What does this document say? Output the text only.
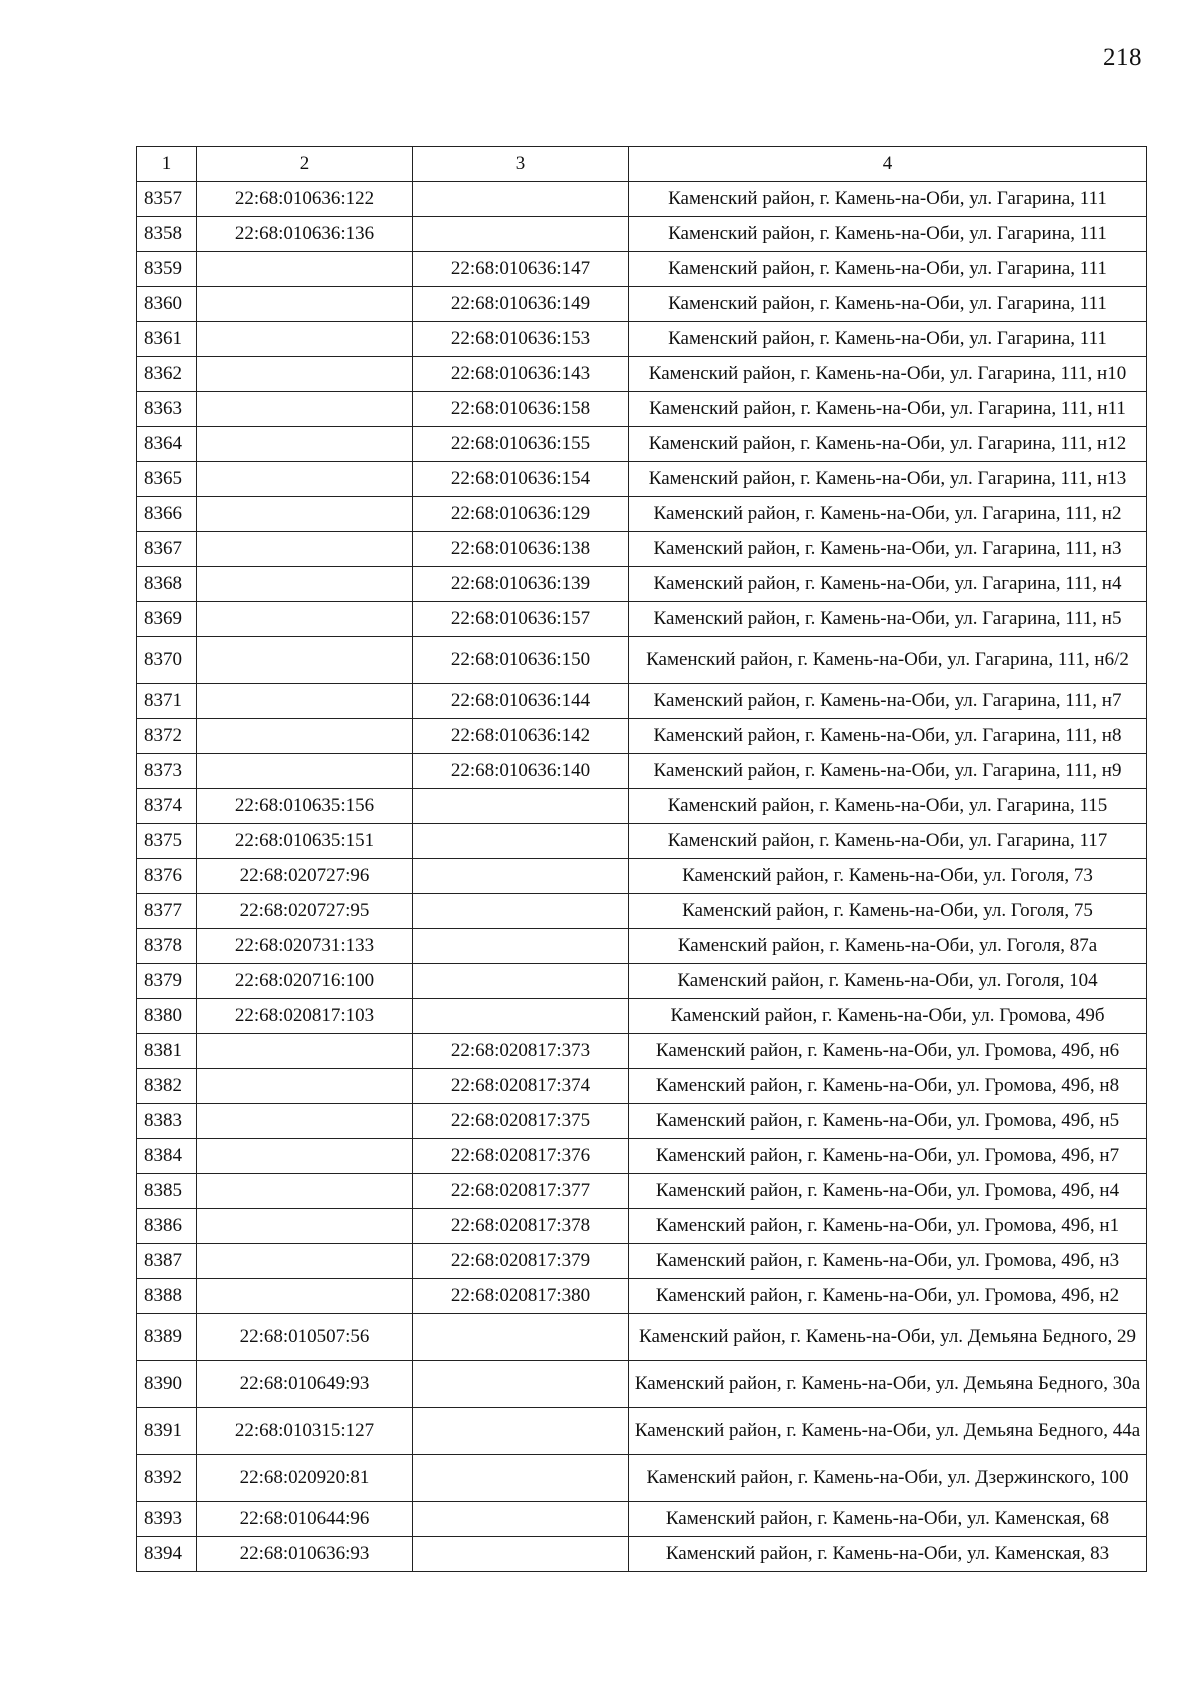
218
1	2	3	4
8357	22:68:010636:122		Каменский район, г. Камень-на-Оби, ул. Гагарина, 111
8358	22:68:010636:136		Каменский район, г. Камень-на-Оби, ул. Гагарина, 111
8359		22:68:010636:147	Каменский район, г. Камень-на-Оби, ул. Гагарина, 111
8360		22:68:010636:149	Каменский район, г. Камень-на-Оби, ул. Гагарина, 111
8361		22:68:010636:153	Каменский район, г. Камень-на-Оби, ул. Гагарина, 111
8362		22:68:010636:143	Каменский район, г. Камень-на-Оби, ул. Гагарина, 111, н10
8363		22:68:010636:158	Каменский район, г. Камень-на-Оби, ул. Гагарина, 111, н11
8364		22:68:010636:155	Каменский район, г. Камень-на-Оби, ул. Гагарина, 111, н12
8365		22:68:010636:154	Каменский район, г. Камень-на-Оби, ул. Гагарина, 111, н13
8366		22:68:010636:129	Каменский район, г. Камень-на-Оби, ул. Гагарина, 111, н2
8367		22:68:010636:138	Каменский район, г. Камень-на-Оби, ул. Гагарина, 111, н3
8368		22:68:010636:139	Каменский район, г. Камень-на-Оби, ул. Гагарина, 111, н4
8369		22:68:010636:157	Каменский район, г. Камень-на-Оби, ул. Гагарина, 111, н5
8370		22:68:010636:150	Каменский район, г. Камень-на-Оби, ул. Гагарина, 111, н6/2
8371		22:68:010636:144	Каменский район, г. Камень-на-Оби, ул. Гагарина, 111, н7
8372		22:68:010636:142	Каменский район, г. Камень-на-Оби, ул. Гагарина, 111, н8
8373		22:68:010636:140	Каменский район, г. Камень-на-Оби, ул. Гагарина, 111, н9
8374	22:68:010635:156		Каменский район, г. Камень-на-Оби, ул. Гагарина, 115
8375	22:68:010635:151		Каменский район, г. Камень-на-Оби, ул. Гагарина, 117
8376	22:68:020727:96		Каменский район, г. Камень-на-Оби, ул. Гоголя, 73
8377	22:68:020727:95		Каменский район, г. Камень-на-Оби, ул. Гоголя, 75
8378	22:68:020731:133		Каменский район, г. Камень-на-Оби, ул. Гоголя, 87а
8379	22:68:020716:100		Каменский район, г. Камень-на-Оби, ул. Гоголя, 104
8380	22:68:020817:103		Каменский район, г. Камень-на-Оби, ул. Громова, 49б
8381		22:68:020817:373	Каменский район, г. Камень-на-Оби, ул. Громова, 49б, н6
8382		22:68:020817:374	Каменский район, г. Камень-на-Оби, ул. Громова, 49б, н8
8383		22:68:020817:375	Каменский район, г. Камень-на-Оби, ул. Громова, 49б, н5
8384		22:68:020817:376	Каменский район, г. Камень-на-Оби, ул. Громова, 49б, н7
8385		22:68:020817:377	Каменский район, г. Камень-на-Оби, ул. Громова, 49б, н4
8386		22:68:020817:378	Каменский район, г. Камень-на-Оби, ул. Громова, 49б, н1
8387		22:68:020817:379	Каменский район, г. Камень-на-Оби, ул. Громова, 49б, н3
8388		22:68:020817:380	Каменский район, г. Камень-на-Оби, ул. Громова, 49б, н2
8389	22:68:010507:56		Каменский район, г. Камень-на-Оби, ул. Демьяна Бедного, 29
8390	22:68:010649:93		Каменский район, г. Камень-на-Оби, ул. Демьяна Бедного, 30а
8391	22:68:010315:127		Каменский район, г. Камень-на-Оби, ул. Демьяна Бедного, 44а
8392	22:68:020920:81		Каменский район, г. Камень-на-Оби, ул. Дзержинского, 100
8393	22:68:010644:96		Каменский район, г. Камень-на-Оби, ул. Каменская, 68
8394	22:68:010636:93		Каменский район, г. Камень-на-Оби, ул. Каменская, 83
